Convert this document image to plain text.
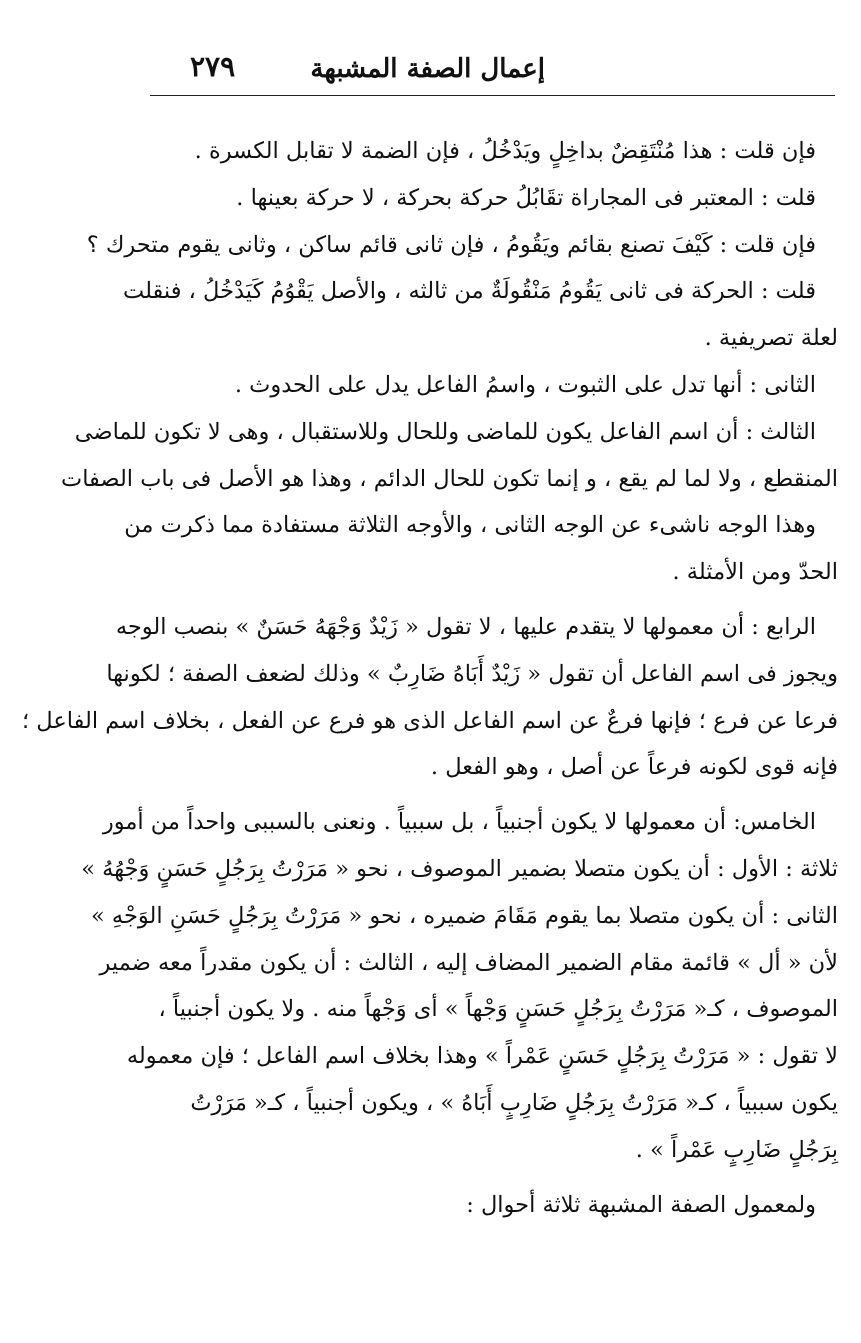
إعمال الصفة المشبهة
٢٧٩
فإن قلت : هذا مُنْتَقِضٌ بداخِلٍ ويَدْخُلُ ، فإن الضمة لا تقابل الكسرة .
قلت : المعتبر فى المجاراة تقَابُلُ حركة بحركة ، لا حركة بعينها .
فإن قلت : كَيْفَ تصنع بقائم ويَقُومُ ، فإن ثانى قائم ساكن ، وثانى يقوم متحرك ؟
قلت : الحركة فى ثانى يَقُومُ مَنْقُولَةٌ من ثالثه ، والأصل يَقْوُمُ كَيَدْخُلُ ، فنقلت
لعلة تصريفية .
الثانى : أنها تدل على الثبوت ، واسمُ الفاعل يدل على الحدوث .
الثالث : أن اسم الفاعل يكون للماضى وللحال وللاستقبال ، وهى لا تكون للماضى
المنقطع ، ولا لما لم يقع ، و إنما تكون للحال الدائم ، وهذا هو الأصل فى باب الصفات
وهذا الوجه ناشىء عن الوجه الثانى ، والأوجه الثلاثة مستفادة مما ذكرت من
الحدّ ومن الأمثلة .
الرابع : أن معمولها لا يتقدم عليها ، لا تقول « زَيْدٌ وَجْهَهُ حَسَنٌ » بنصب الوجه
ويجوز فى اسم الفاعل أن تقول « زَيْدٌ أَبَاهُ ضَارِبٌ » وذلك لضعف الصفة ؛ لكونها
فرعا عن فرع ؛ فإنها فرعٌ عن اسم الفاعل الذى هو فرع عن الفعل ، بخلاف اسم الفاعل ؛
فإنه قوى لكونه فرعاً عن أصل ، وهو الفعل .
الخامس: أن معمولها لا يكون أجنبياً ، بل سببياً . ونعنى بالسببى واحداً من أمور
ثلاثة : الأول : أن يكون متصلا بضمير الموصوف ، نحو « مَرَرْتُ بِرَجُلٍ حَسَنٍ وَجْهُهُ »
الثانى : أن يكون متصلا بما يقوم مَقَامَ ضميره ، نحو « مَرَرْتُ بِرَجُلٍ حَسَنِ الوَجْهِ »
لأن « أل » قائمة مقام الضمير المضاف إليه ، الثالث : أن يكون مقدراً معه ضمير
الموصوف ، كـ« مَرَرْتُ بِرَجُلٍ حَسَنٍ وَجْهاً » أى وَجْهاً منه . ولا يكون أجنبياً ،
لا تقول : « مَرَرْتُ بِرَجُلٍ حَسَنٍ عَمْراً » وهذا بخلاف اسم الفاعل ؛ فإن معموله
يكون سببياً ، كـ« مَرَرْتُ بِرَجُلٍ ضَارِبٍ أَبَاهُ » ، ويكون أجنبياً ، كـ« مَرَرْتُ
بِرَجُلٍ ضَارِبٍ عَمْراً » .
ولمعمول الصفة المشبهة ثلاثة أحوال :
